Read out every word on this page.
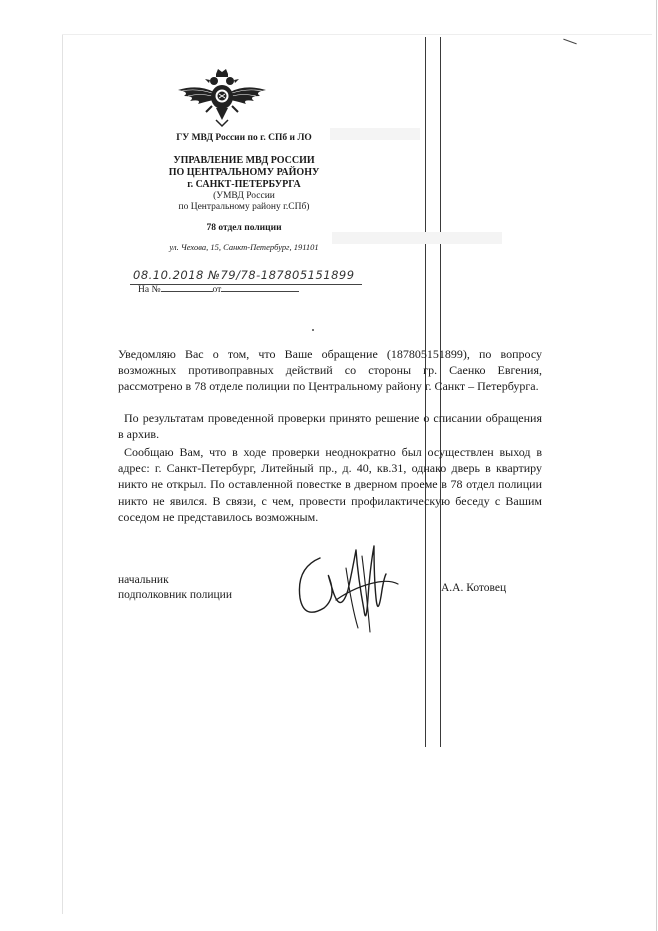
ГУ МВД России по г. СПб и ЛО
УПРАВЛЕНИЕ МВД РОССИИ
ПО ЦЕНТРАЛЬНОМУ РАЙОНУ
г. САНКТ-ПЕТЕРБУРГА
(УМВД России
по Центральному району г.СПб)
78 отдел полиции
ул. Чехова, 15, Санкт-Петербург, 191101
08.10.2018 №79/78-187805151899
На №	от
Уведомляю Вас о том, что Ваше обращение (187805151899), по вопросу возможных противоправных действий со стороны гр. Саенко Евгения, рассмотрено в 78 отделе полиции по Центральному району г. Санкт – Петербурга.
По результатам проведенной проверки принято решение о списании обращения в архив.
Сообщаю Вам, что в ходе проверки неоднократно был осуществлен выход в адрес: г. Санкт-Петербург, Литейный пр., д. 40, кв.31, однако дверь в квартиру никто не открыл. По оставленной повестке в дверном проеме в 78 отдел полиции никто не явился. В связи, с чем, провести профилактическую беседу с Вашим соседом не представилось возможным.
начальник
подполковник полиции
А.А. Котовец
